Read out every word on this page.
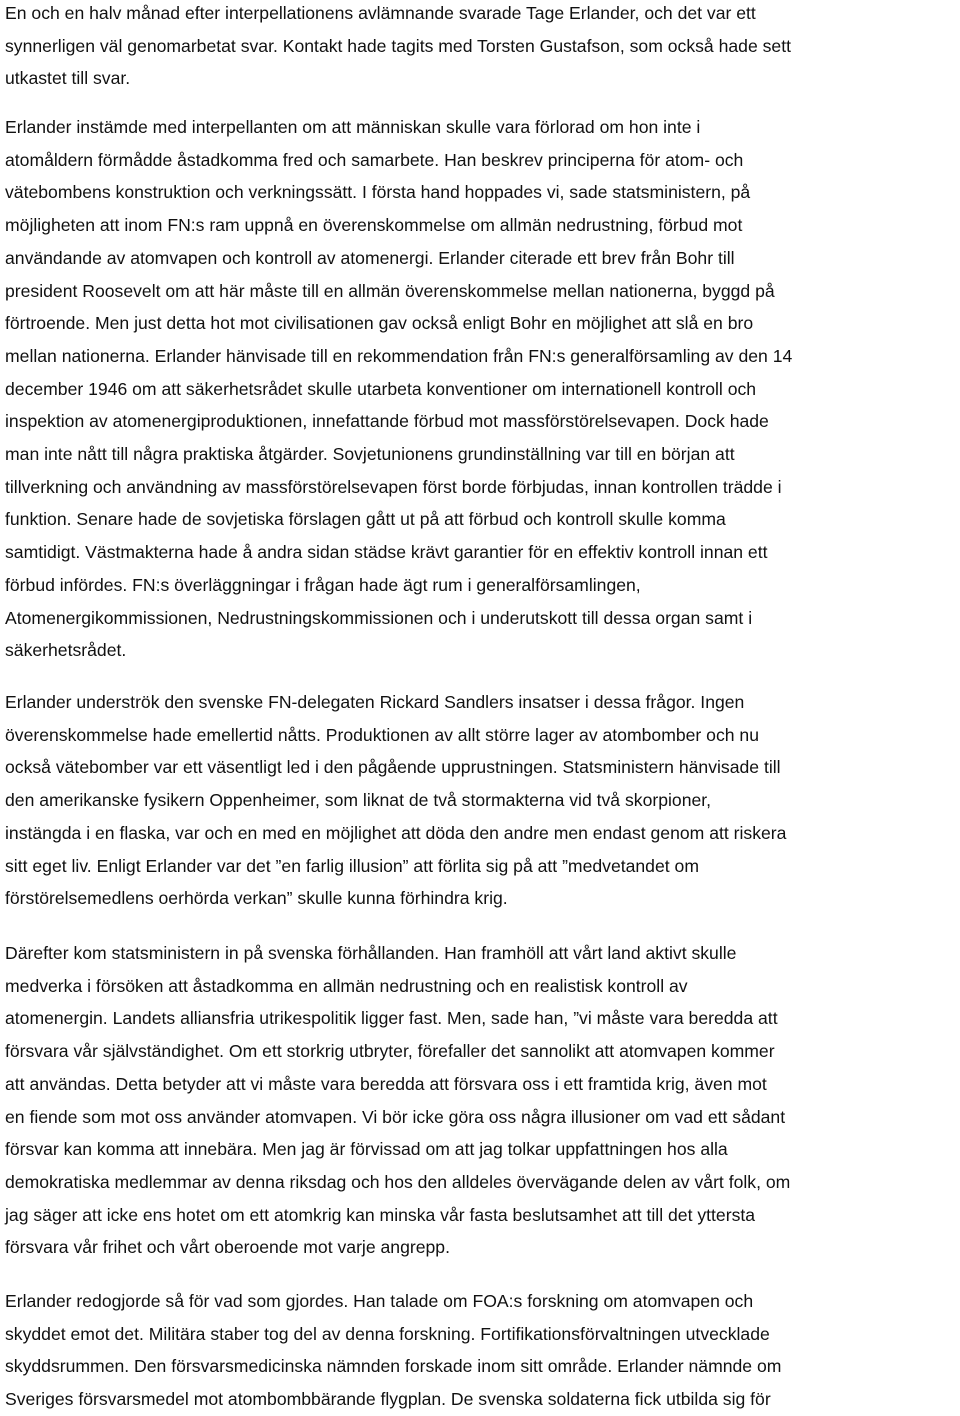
En och en halv månad efter interpellationens avlämnande svarade Tage Erlander, och det var ett
synnerligen väl genomarbetat svar. Kontakt hade tagits med Torsten Gustafson, som också hade sett
utkastet till svar.

Erlander instämde med interpellanten om att människan skulle vara förlorad om hon inte i
atomåldern förmådde åstadkomma fred och samarbete. Han beskrev principerna för atom- och
vätebombens konstruktion och verkningssätt. I första hand hoppades vi, sade statsministern, på
möjligheten att inom FN:s ram uppnå en överenskommelse om allmän nedrustning, förbud mot
användande av atomvapen och kontroll av atomenergi. Erlander citerade ett brev från Bohr till
president Roosevelt om att här måste till en allmän överenskommelse mellan nationerna, byggd på
förtroende. Men just detta hot mot civilisationen gav också enligt Bohr en möjlighet att slå en bro
mellan nationerna. Erlander hänvisade till en rekommendation från FN:s generalförsamling av den 14
december 1946 om att säkerhetsrådet skulle utarbeta konventioner om internationell kontroll och
inspektion av atomenergiproduktionen, innefattande förbud mot massförstörelsevapen. Dock hade
man inte nått till några praktiska åtgärder. Sovjetunionens grundinställning var till en början att
tillverkning och användning av massförstörelsevapen först borde förbjudas, innan kontrollen trädde i
funktion. Senare hade de sovjetiska förslagen gått ut på att förbud och kontroll skulle komma
samtidigt. Västmakterna hade å andra sidan städse krävt garantier för en effektiv kontroll innan ett
förbud infördes. FN:s överläggningar i frågan hade ägt rum i generalförsamlingen,
Atomenergikommissionen, Nedrustningskommissionen och i underutskott till dessa organ samt i
säkerhetsrådet.

Erlander underströk den svenske FN-delegaten Rickard Sandlers insatser i dessa frågor. Ingen
överenskommelse hade emellertid nåtts. Produktionen av allt större lager av atombomber och nu
också vätebomber var ett väsentligt led i den pågående upprustningen. Statsministern hänvisade till
den amerikanske fysikern Oppenheimer, som liknat de två stormakterna vid två skorpioner,
instängda i en flaska, var och en med en möjlighet att döda den andre men endast genom att riskera
sitt eget liv. Enligt Erlander var det ”en farlig illusion” att förlita sig på att ”medvetandet om
förstörelsemedlens oerhörda verkan” skulle kunna förhindra krig.

Därefter kom statsministern in på svenska förhållanden. Han framhöll att vårt land aktivt skulle
medverka i försöken att åstadkomma en allmän nedrustning och en realistisk kontroll av
atomenergin. Landets alliansfria utrikespolitik ligger fast. Men, sade han, ”vi måste vara beredda att
försvara vår självständighet. Om ett storkrig utbryter, förefaller det sannolikt att atomvapen kommer
att användas. Detta betyder att vi måste vara beredda att försvara oss i ett framtida krig, även mot
en fiende som mot oss använder atomvapen. Vi bör icke göra oss några illusioner om vad ett sådant
försvar kan komma att innebära. Men jag är förvissad om att jag tolkar uppfattningen hos alla
demokratiska medlemmar av denna riksdag och hos den alldeles övervägande delen av vårt folk, om
jag säger att icke ens hotet om ett atomkrig kan minska vår fasta beslutsamhet att till det yttersta
försvara vår frihet och vårt oberoende mot varje angrepp.

Erlander redogjorde så för vad som gjordes. Han talade om FOA:s forskning om atomvapen och
skyddet emot det. Militära staber tog del av denna forskning. Fortifikationsförvaltningen utvecklade
skyddsrummen. Den försvarsmedicinska nämnden forskade inom sitt område. Erlander nämnde om
Sveriges försvarsmedel mot atombombbärande flygplan. De svenska soldaterna fick utbilda sig för
